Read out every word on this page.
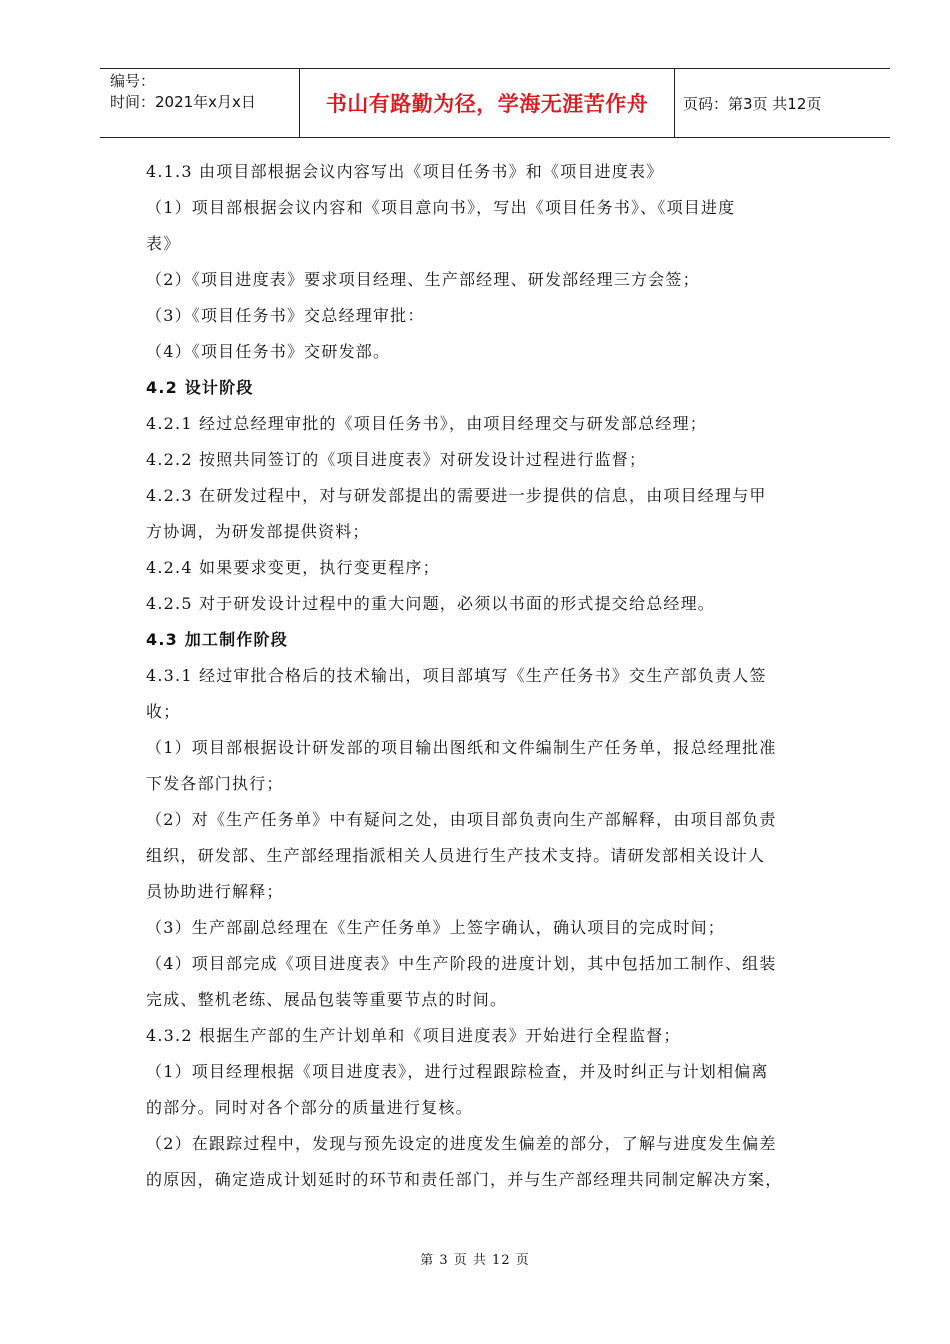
编号：
时间：2021年x月x日	书山有路勤为径，学海无涯苦作舟	页码：第3页 共12页
4.1.3 由项目部根据会议内容写出《项目任务书》和《项目进度表》
（1）项目部根据会议内容和《项目意向书》，写出《项目任务书》、《项目进度
表》
（2）《项目进度表》要求项目经理、生产部经理、研发部经理三方会签；
（3）《项目任务书》交总经理审批：
（4）《项目任务书》交研发部。
4.2 设计阶段
4.2.1 经过总经理审批的《项目任务书》，由项目经理交与研发部总经理；
4.2.2 按照共同签订的《项目进度表》对研发设计过程进行监督；
4.2.3 在研发过程中，对与研发部提出的需要进一步提供的信息，由项目经理与甲
方协调，为研发部提供资料；
4.2.4 如果要求变更，执行变更程序；
4.2.5 对于研发设计过程中的重大问题，必须以书面的形式提交给总经理。
4.3 加工制作阶段
4.3.1 经过审批合格后的技术输出，项目部填写《生产任务书》交生产部负责人签
收；
（1）项目部根据设计研发部的项目输出图纸和文件编制生产任务单，报总经理批准
下发各部门执行；
（2）对《生产任务单》中有疑问之处，由项目部负责向生产部解释，由项目部负责
组织，研发部、生产部经理指派相关人员进行生产技术支持。请研发部相关设计人
员协助进行解释；
（3）生产部副总经理在《生产任务单》上签字确认，确认项目的完成时间；
（4）项目部完成《项目进度表》中生产阶段的进度计划，其中包括加工制作、组装
完成、整机老练、展品包装等重要节点的时间。
4.3.2 根据生产部的生产计划单和《项目进度表》开始进行全程监督；
（1）项目经理根据《项目进度表》，进行过程跟踪检查，并及时纠正与计划相偏离
的部分。同时对各个部分的质量进行复核。
（2）在跟踪过程中，发现与预先设定的进度发生偏差的部分，了解与进度发生偏差
的原因，确定造成计划延时的环节和责任部门，并与生产部经理共同制定解决方案，
第 3 页 共 12 页
